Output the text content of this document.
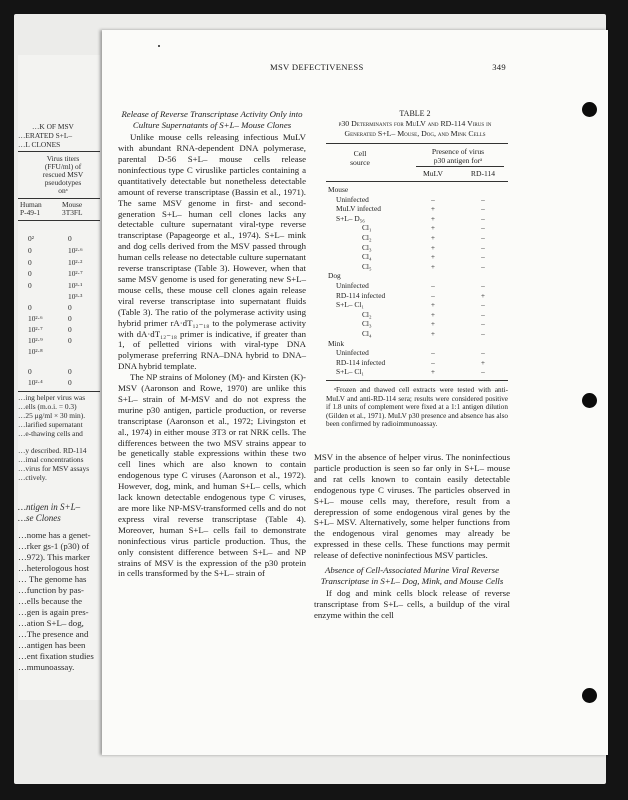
…K OF MSV
…ERATED S+L–
…L CLONES
Virus titers
(FFU/ml) of
rescued MSV
pseudotypes
onᵃ
Human
P-49-1
Mouse
3T3FL
0²
0
0
0
0
0
10²·⁶
10²·⁷
10²·⁹
10²·⁸
0
10²·⁴
0
10²·⁶
10²·²
10²·⁷
10³·¹
10³·³
0
0
0
0
0
0
…ing helper virus was
…ells (m.o.i. = 0.3)
…25 μg/ml × 30 min).
…larified supernatant
…e-thawing cells and
…y described. RD-114
…imal concentrations
…virus for MSV assays
…ctively.
…ntigen in S+L–
…se Clones
…nome has a genet-
…rker gs-1 (p30) of
…972). This marker
…heterologous host
… The genome has
…function by pas-
…ells because the
…gen is again pres-
…ation S+L– dog,
…The presence and
…antigen has been
…ent fixation studies
…mmunoassay.
MSV DEFECTIVENESS	349

Release of Reverse Transcriptase Activity Only into Culture Supernatants of S+L– Mouse Clones

Unlike mouse cells releasing infectious MuLV with abundant RNA-dependent DNA polymerase, parental D-56 S+L– mouse cells release noninfectious type C viruslike particles containing a quantitatively detectable but nonetheless detectable amount of reverse transcriptase (Bassin et al., 1971). The same MSV genome in first- and second-generation S+L– human cell clones lacks any detectable culture supernatant viral-type reverse transcriptase (Papageorge et al., 1974). S+L– mink and dog cells derived from the MSV passed through human cells release no detectable culture supernatant reverse transcriptase (Table 3). However, when that same MSV genome is used for generating new S+L– mouse cells, these mouse cell clones again release viral reverse transcriptase into supernatant fluids (Table 3). The ratio of the polymerase activity using hybrid primer rA·dT₁₂₋₁₈ to the polymerase activity with dA·dT₁₂₋₁₈ primer is indicative, if greater than 1, of pelletted virions with viral-type DNA polymerase preferring RNA–DNA hybrid to DNA–DNA hybrid template.

The NP strains of Moloney (M)- and Kirsten (K)-MSV (Aaronson and Rowe, 1970) are unlike this S+L– strain of M-MSV and do not express the murine p30 antigen, particle production, or reverse transcriptase (Aaronson et al., 1972; Livingston et al., 1974) in either mouse 3T3 or rat NRK cells. The differences between the two MSV strains appear to be genetically stable expressions within these two cell lines which are also known to contain endogenous type C viruses (Aaronson et al., 1972). However, dog, mink, and human S+L– cells, which lack known detectable endogenous type C viruses, are more like NP-MSV-transformed cells and do not express viral reverse transcriptase (Table 4). Moreover, human S+L– cells fail to demonstrate noninfectious virus particle production. Thus, the only consistent difference between S+L– and NP strains of MSV is the expression of the p30 protein in cells transformed by the S+L– strain of

TABLE 2
p30 Determinants for MuLV and RD-114 Virus in
Generated S+L– Mouse, Dog, and Mink Cells
Cell
source
Presence of virus
p30 antigen forᵃ
MuLV	RD-114
Mouse
Uninfected
MuLV infected
S+L– D₅₆
Cl₁
Cl₂
Cl₃
Cl₄
Cl₅
Dog
Uninfected
RD-114 infected
S+L– Cl₁
Cl₂
Cl₃
Cl₄
Mink
Uninfected
RD-114 infected
S+L– Cl₁
–
+
+
+
+
+
+
+
–
–
+
+
+
+
–
–
+
–
–
–
–
–
–
–
–
–
+
–
–
–
–
–
+
–
ᵃFrozen and thawed cell extracts were tested with anti-MuLV and anti-RD-114 sera; results were considered positive if 1.8 units of complement were fixed at a 1:1 antigen dilution (Gilden et al., 1971). MuLV p30 presence and absence has also been confirmed by radioimmunoassay.

MSV in the absence of helper virus. The noninfectious particle production is seen so far only in S+L– mouse and rat cells known to contain easily detectable endogenous type C viruses. The particles observed in S+L– mouse cells may, therefore, result from a derepression of some endogenous viral genes by the S+L– MSV. Alternatively, some helper functions from the endogenous viral genomes may already be expressed in these cells. These functions may permit release of defective noninfectious MSV particles.

Absence of Cell-Associated Murine Viral Reverse Transcriptase in S+L– Dog, Mink, and Mouse Cells

If dog and mink cells block release of reverse transcriptase from S+L– cells, a buildup of the viral enzyme within the cell
